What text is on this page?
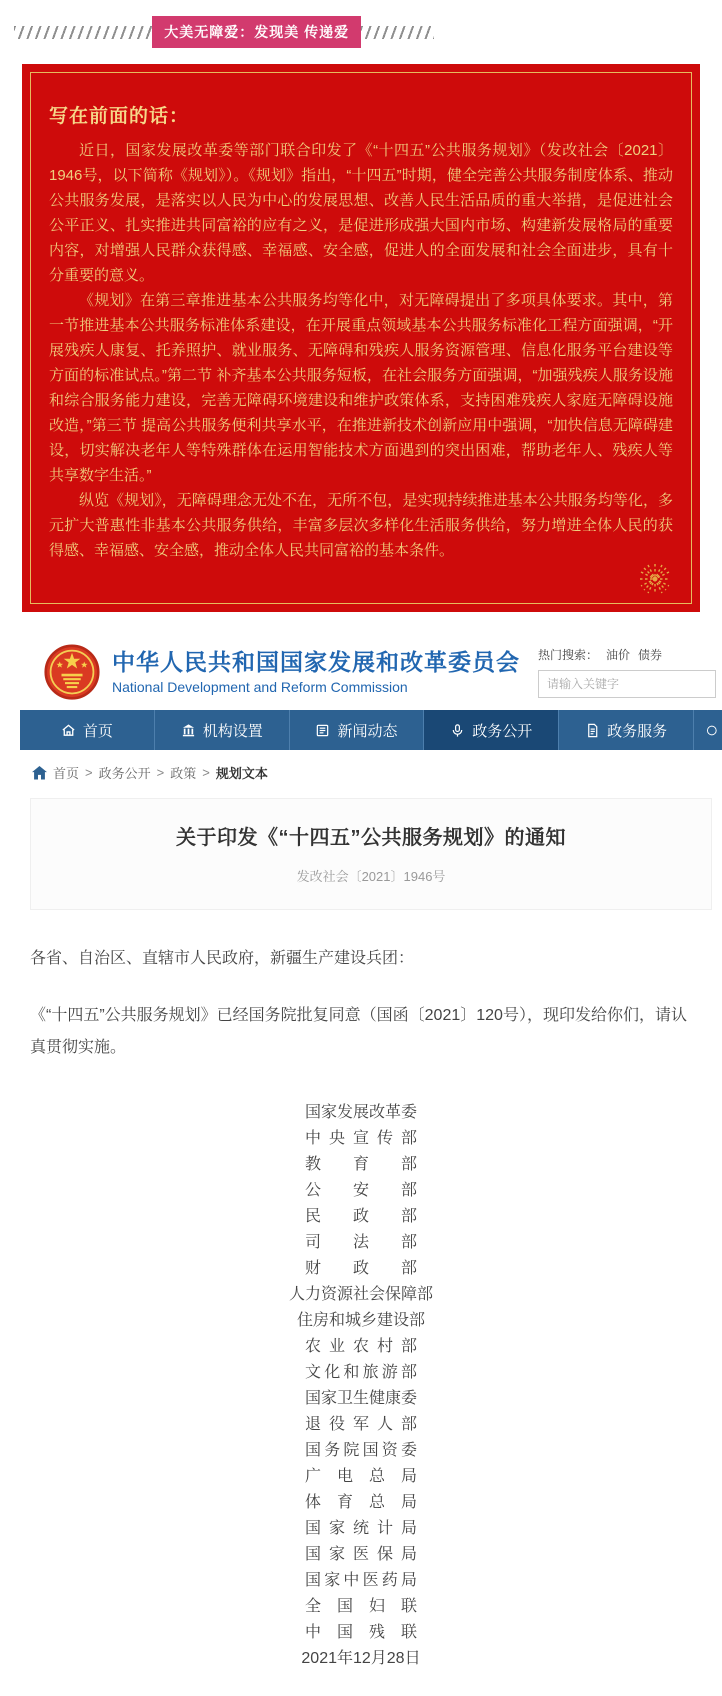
大美无障爱：发现美 传递爱
写在前面的话：

近日，国家发展改革委等部门联合印发了《“十四五”公共服务规划》（发改社会〔2021〕1946号，以下简称《规划》）。《规划》指出，“十四五”时期，健全完善公共服务制度体系、推动公共服务发展，是落实以人民为中心的发展思想、改善人民生活品质的重大举措，是促进社会公平正义、扎实推进共同富裕的应有之义，是促进形成强大国内市场、构建新发展格局的重要内容，对增强人民群众获得感、幸福感、安全感，促进人的全面发展和社会全面进步，具有十分重要的意义。

《规划》在第三章推进基本公共服务均等化中，对无障碍提出了多项具体要求。其中，第一节推进基本公共服务标准体系建设，在开展重点领域基本公共服务标准化工程方面强调，“开展残疾人康复、托养照护、就业服务、无障碍和残疾人服务资源管理、信息化服务平台建设等方面的标准试点。”第二节 补齐基本公共服务短板，在社会服务方面强调，“加强残疾人服务设施和综合服务能力建设，完善无障碍环境建设和维护政策体系，支持困难残疾人家庭无障碍设施改造，”第三节 提高公共服务便利共享水平，在推进新技术创新应用中强调，“加快信息无障碍建设，切实解决老年人等特殊群体在运用智能技术方面遇到的突出困难，帮助老年人、残疾人等共享数字生活。”

纵览《规划》，无障碍理念无处不在，无所不包，是实现持续推进基本公共服务均等化，多元扩大普惠性非基本公共服务供给，丰富多层次多样化生活服务供给，努力增进全体人民的获得感、幸福感、安全感，推动全体人民共同富裕的基本条件。

中华人民共和国国家发展和改革委员会
National Development and Reform Commission
热门搜索： 油价 债券
请输入关键字
首页	机构设置	新闻动态	政务公开	政务服务
首页 > 政务公开 > 政策 > 规划文本
关于印发《“十四五”公共服务规划》的通知
发改社会〔2021〕1946号
各省、自治区、直辖市人民政府，新疆生产建设兵团：
《“十四五”公共服务规划》已经国务院批复同意（国函〔2021〕120号），现印发给你们，请认真贯彻实施。
国家发展改革委
中 央 宣 传 部
教 育 部
公 安 部
民 政 部
司 法 部
财 政 部
人力资源社会保障部
住房和城乡建设部
农 业 农 村 部
文化和旅游部
国家卫生健康委
退 役 军 人 部
国务院国资委
广 电 总 局
体 育 总 局
国 家 统 计 局
国 家 医 保 局
国家中医药局
全 国 妇 联
中 国 残 联
2021年12月28日
